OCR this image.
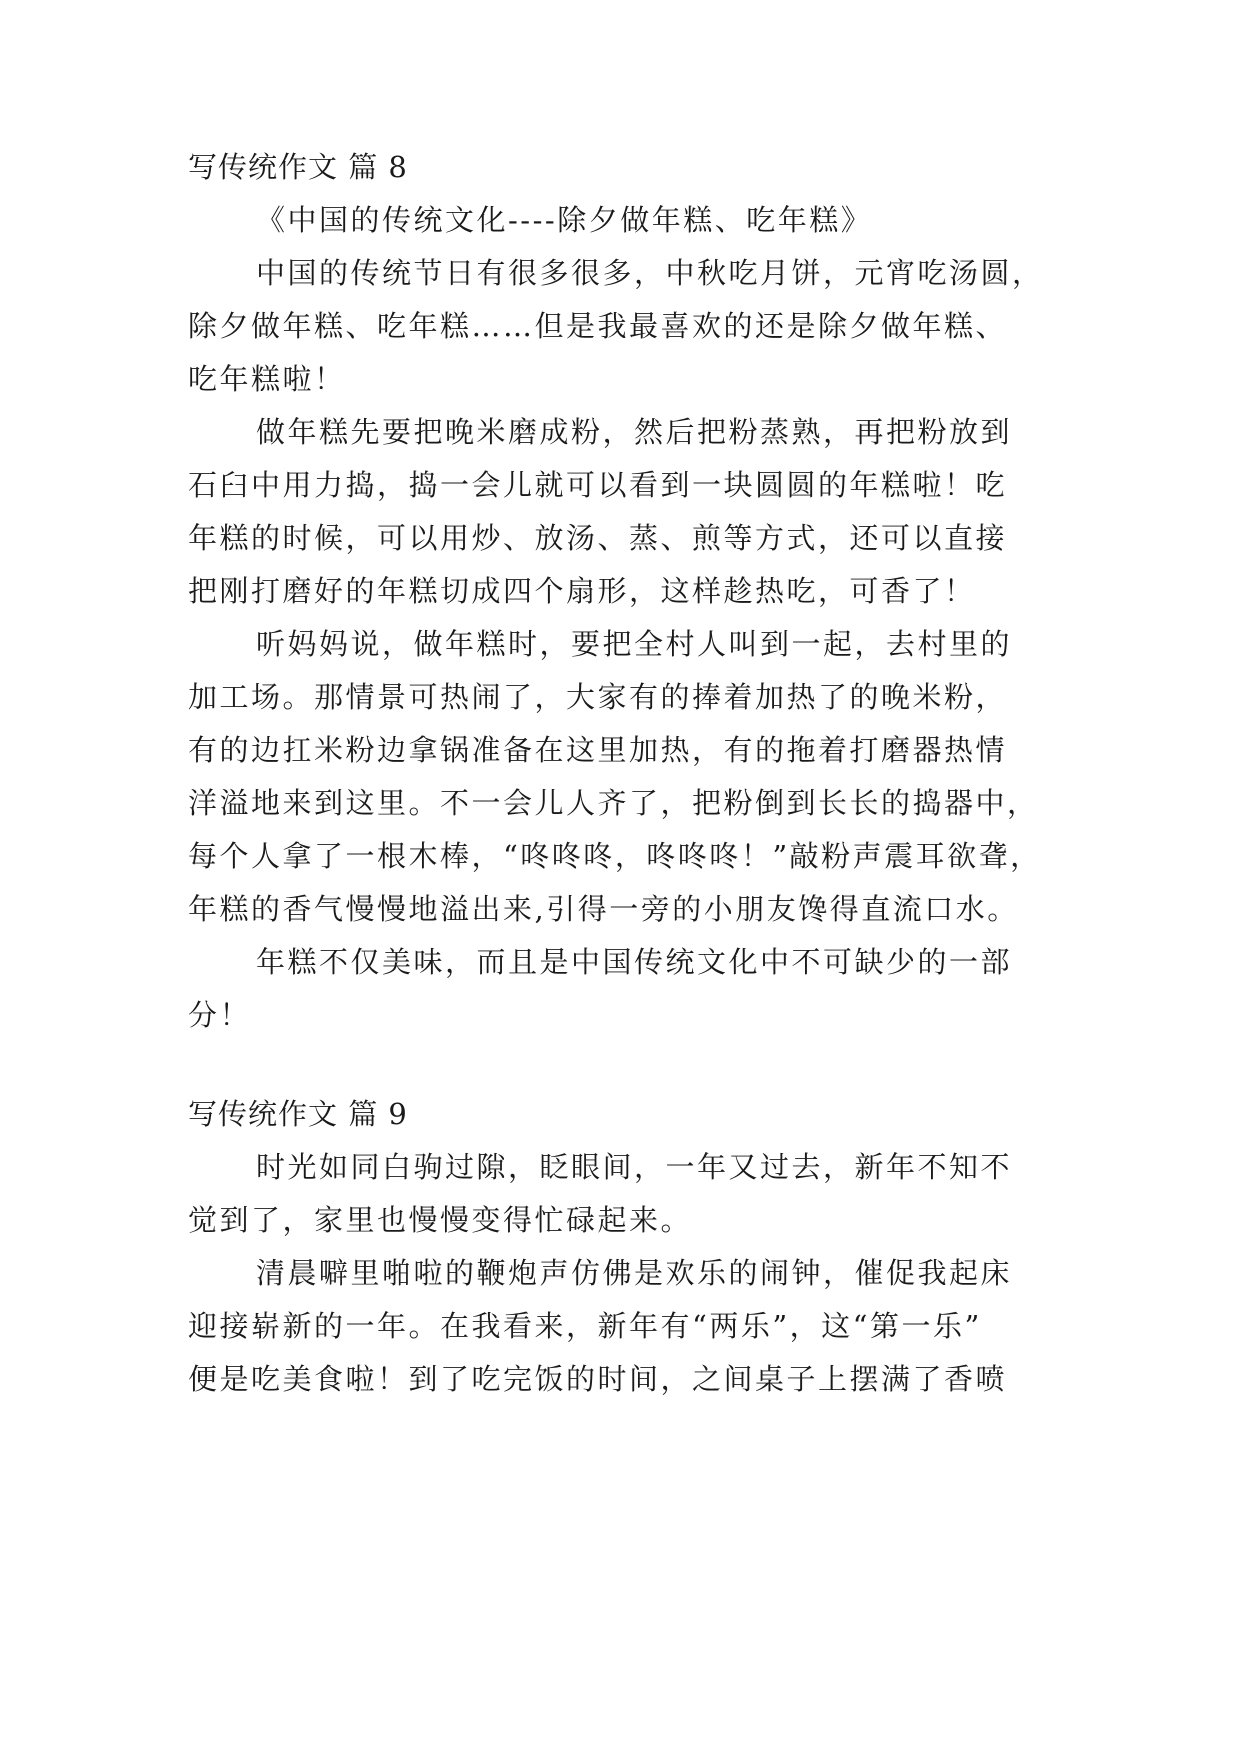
写传统作文 篇 8
《中国的传统文化----除夕做年糕、吃年糕》
中国的传统节日有很多很多，中秋吃月饼，元宵吃汤圆，
除夕做年糕、吃年糕……但是我最喜欢的还是除夕做年糕、
吃年糕啦！
做年糕先要把晚米磨成粉，然后把粉蒸熟，再把粉放到
石臼中用力捣，捣一会儿就可以看到一块圆圆的年糕啦！吃
年糕的时候，可以用炒、放汤、蒸、煎等方式，还可以直接
把刚打磨好的年糕切成四个扇形，这样趁热吃，可香了！
听妈妈说，做年糕时，要把全村人叫到一起，去村里的
加工场。那情景可热闹了，大家有的捧着加热了的晚米粉，
有的边扛米粉边拿锅准备在这里加热，有的拖着打磨器热情
洋溢地来到这里。不一会儿人齐了，把粉倒到长长的捣器中，
每个人拿了一根木棒，“咚咚咚，咚咚咚！”敲粉声震耳欲聋，
年糕的香气慢慢地溢出来,引得一旁的小朋友馋得直流口水。
年糕不仅美味，而且是中国传统文化中不可缺少的一部
分！
写传统作文 篇 9
时光如同白驹过隙，眨眼间，一年又过去，新年不知不
觉到了，家里也慢慢变得忙碌起来。
清晨噼里啪啦的鞭炮声仿佛是欢乐的闹钟，催促我起床
迎接崭新的一年。在我看来，新年有“两乐”，这“第一乐”
便是吃美食啦！到了吃完饭的时间，之间桌子上摆满了香喷
